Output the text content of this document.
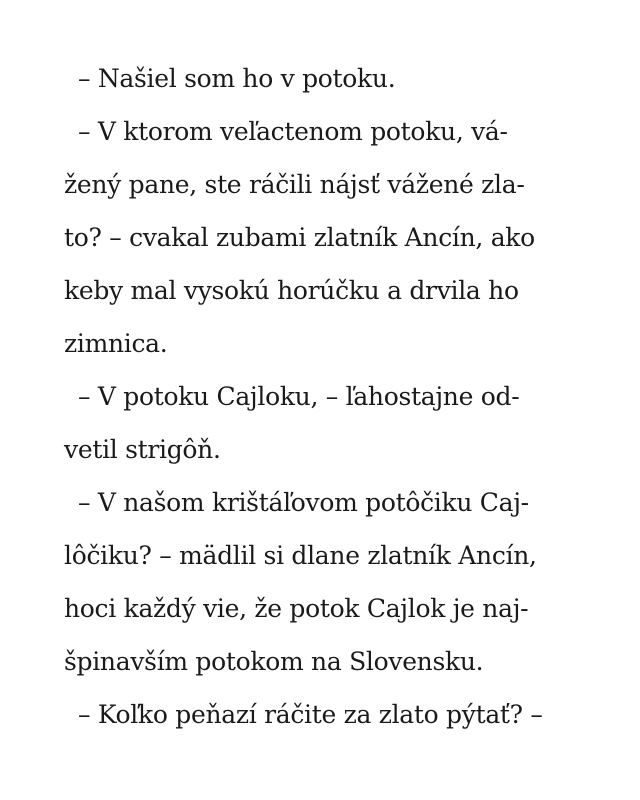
– Našiel som ho v potoku.
– V ktorom veľactenom potoku, vá-
žený pane, ste ráčili nájsť vážené zla-
to? – cvakal zubami zlatník Ancín, ako
keby mal vysokú horúčku a drvila ho
zimnica.
– V potoku Cajloku, – ľahostajne od-
vetil strigôň.
– V našom krištáľovom potôčiku Caj-
lôčiku? – mädlil si dlane zlatník Ancín,
hoci každý vie, že potok Cajlok je naj-
špinavším potokom na Slovensku.
– Koľko peňazí ráčite za zlato pýtať? –
